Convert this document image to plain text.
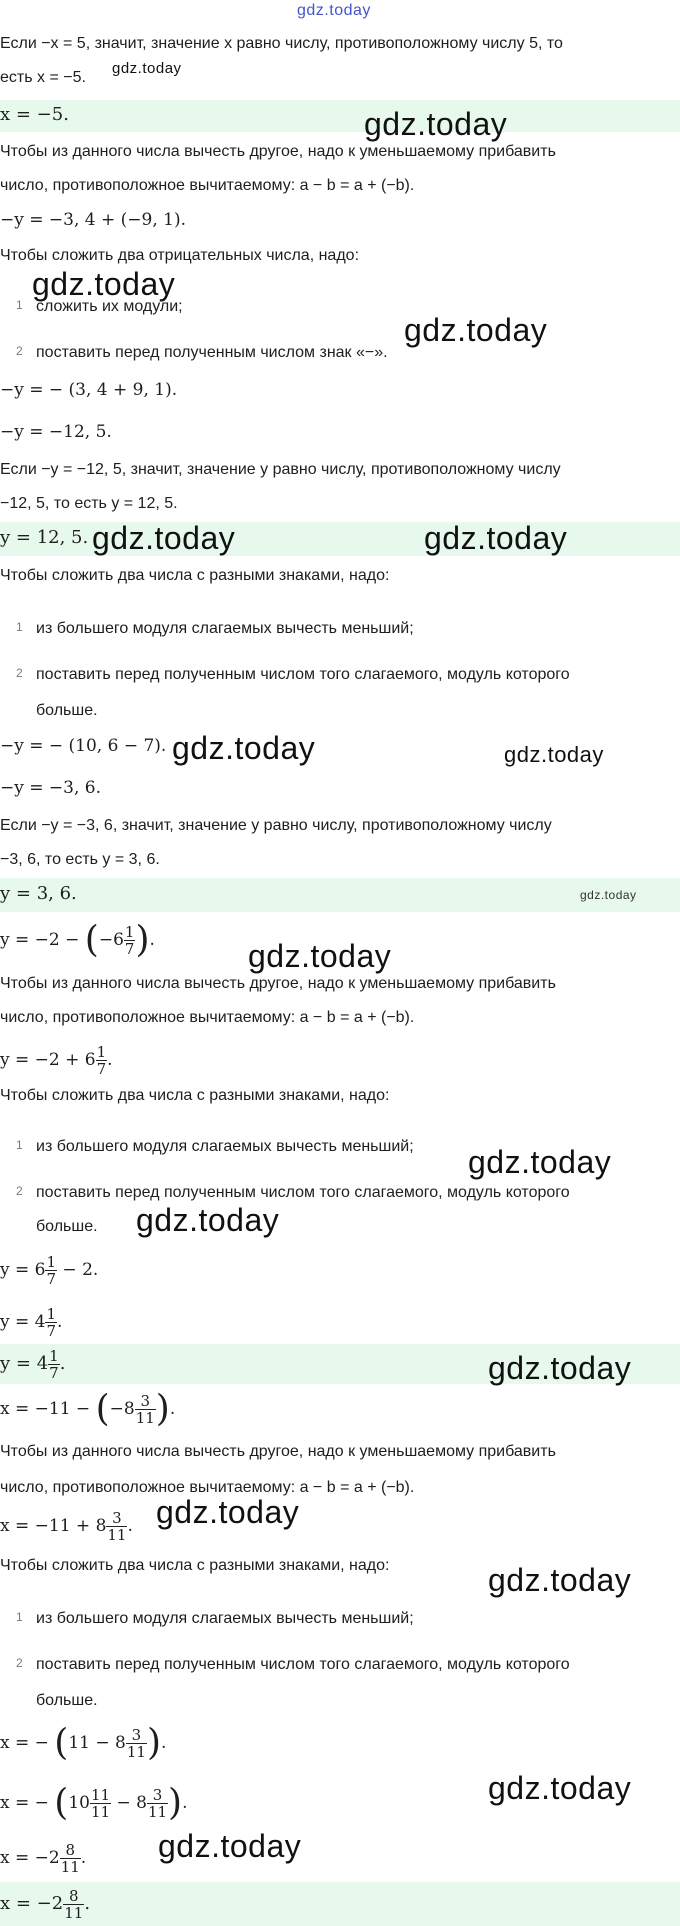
gdz.today
Если −x = 5, значит, значение x равно числу, противоположному числу 5, то
есть x = −5.
gdz.today
x = −5.	gdz.today
Чтобы из данного числа вычесть другое, надо к уменьшаемому прибавить
число, противоположное вычитаемому: a − b = a + (−b).
−y = −3, 4 + (−9, 1).
Чтобы сложить два отрицательных числа, надо:
gdz.today
1 сложить их модули;
gdz.today
2 поставить перед полученным числом знак «−».
−y = − (3, 4 + 9, 1).
−y = −12, 5.
Если −y = −12, 5, значит, значение y равно числу, противоположному числу
−12, 5, то есть y = 12, 5.
y = 12, 5. gdz.today	gdz.today
Чтобы сложить два числа с разными знаками, надо:
1 из большего модуля слагаемых вычесть меньший;
2 поставить перед полученным числом того слагаемого, модуль которого
больше.
−y = − (10, 6 − 7). gdz.today	gdz.today
−y = −3, 6.
Если −y = −3, 6, значит, значение y равно числу, противоположному числу
−3, 6, то есть y = 3, 6.
y = 3, 6.	gdz.today
$y = -2 - (-6 \frac{1}{7}$ ).	gdz.today
Чтобы из данного числа вычесть другое, надо к уменьшаемому прибавить
число, противоположное вычитаемому: a − b = a + (−b).
$y = -2 + 6 \frac{1}{7}$ .
Чтобы сложить два числа с разными знаками, надо:
1 из большего модуля слагаемых вычесть меньший; gdz.today
2 поставить перед полученным числом того слагаемого, модуль которого
больше. gdz.today
$y = 6 \frac{1}{7} - 2$.
$y = 4 \frac{1}{7}$ .
$y = 4 \frac{1}{7}$ .	gdz.today
$x = -11 - (-8 \frac{3}{11}$ ).
Чтобы из данного числа вычесть другое, надо к уменьшаемому прибавить
число, противоположное вычитаемому: a − b = a + (−b).
$x = -11 + 8 \frac{3}{11}$ . gdz.today
Чтобы сложить два числа с разными знаками, надо:	gdz.today
1 из большего модуля слагаемых вычесть меньший;
2 поставить перед полученным числом того слагаемого, модуль которого
больше.
x = − ($11 - 8 \frac{3}{11}$ ).
x = − ($10 \frac{11}{11} - 8 \frac{3}{11}$ ).	gdz.today
gdz.today
$x = -2 \frac{8}{11}$ .
$x = -2 \frac{8}{11}$ .
